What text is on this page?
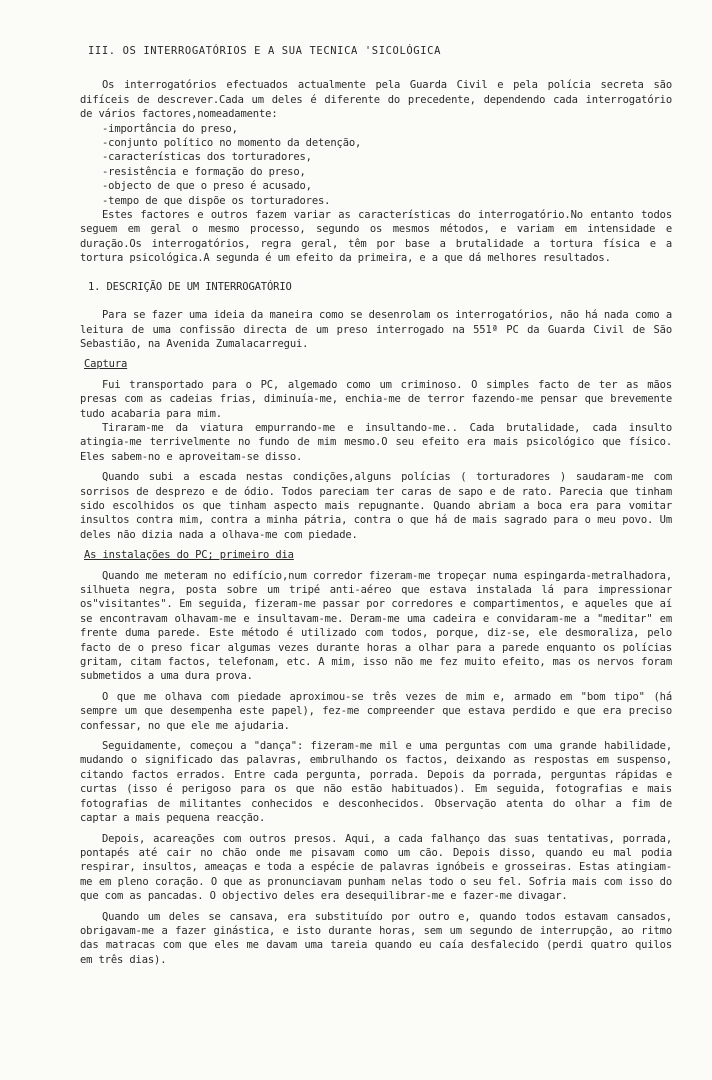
III. OS INTERROGATÓRIOS E A SUA TECNICA 'SICOLÓGICA

Os interrogatórios efectuados actualmente pela Guarda Civil e pela polícia secreta são difíceis de descrever.Cada um deles é diferente do precedente, dependendo cada interrogatório de vários factores,nomeadamente:

-importância do preso,
-conjunto político no momento da detenção,
-características dos torturadores,
-resistência e formação do preso,
-objecto de que o preso é acusado,
-tempo de que dispõe os torturadores.

Estes factores e outros fazem variar as características do interrogatório.No entanto todos seguem em geral o mesmo processo, segundo os mesmos métodos, e variam em intensidade e duração.Os interrogatórios, regra geral, têm por base a brutalidade a tortura física e a tortura psicológica.A segunda é um efeito da primeira, e a que dá melhores resultados.

1. DESCRIÇÃO DE UM INTERROGATÓRIO

Para se fazer uma ideia da maneira como se desenrolam os interrogatórios, não há nada como a leitura de uma confissão directa de um preso interrogado na 551ª PC da Guarda Civil de São Sebastião, na Avenida Zumalacarregui.

Captura

Fui transportado para o PC, algemado como um criminoso. O simples facto de ter as mãos presas com as cadeias frias, diminuía-me, enchia-me de terror fazendo-me pensar que brevemente tudo acabaria para mim.

Tiraram-me da viatura empurrando-me e insultando-me.. Cada brutalidade, cada insulto atingia-me terrivelmente no fundo de mim mesmo.O seu efeito era mais psicológico que físico. Eles sabem-no e aproveitam-se disso.

Quando subi a escada nestas condições,alguns polícias ( torturadores ) saudaram-me com sorrisos de desprezo e de ódio. Todos pareciam ter caras de sapo e de rato. Parecia que tinham sido escolhidos os que tinham aspecto mais repugnante. Quando abriam a boca era para vomitar insultos contra mim, contra a minha pátria, contra o que há de mais sagrado para o meu povo. Um deles não dizia nada a olhava-me com piedade.

As instalações do PC; primeiro dia

Quando me meteram no edifício,num corredor fizeram-me tropeçar numa espingarda-metralhadora, silhueta negra, posta sobre um tripé anti-aéreo que estava instalada lá para impressionar os"visitantes". Em seguida, fizeram-me passar por corredores e compartimentos, e aqueles que aí se encontravam olhavam-me e insultavam-me. Deram-me uma cadeira e convidaram-me a "meditar" em frente duma parede. Este método é utilizado com todos, porque, diz-se, ele desmoraliza, pelo facto de o preso ficar algumas vezes durante horas a olhar para a parede enquanto os polícias gritam, citam factos, telefonam, etc. A mim, isso não me fez muito efeito, mas os nervos foram submetidos a uma dura prova.

O que me olhava com piedade aproximou-se três vezes de mim e, armado em "bom tipo" (há sempre um que desempenha este papel), fez-me compreender que estava perdido e que era preciso confessar, no que ele me ajudaria.

Seguidamente, começou a "dança": fizeram-me mil e uma perguntas com uma grande habilidade, mudando o significado das palavras, embrulhando os factos, deixando as respostas em suspenso, citando factos errados. Entre cada pergunta, porrada. Depois da porrada, perguntas rápidas e curtas (isso é perigoso para os que não estão habituados). Em seguida, fotografias e mais fotografias de militantes conhecidos e desconhecidos. Observação atenta do olhar a fim de captar a mais pequena reacção.

Depois, acareações com outros presos. Aqui, a cada falhanço das suas tentativas, porrada, pontapés até cair no chão onde me pisavam como um cão. Depois disso, quando eu mal podia respirar, insultos, ameaças e toda a espécie de palavras ignóbeis e grosseiras. Estas atingiam-me em pleno coração. O que as pronunciavam punham nelas todo o seu fel. Sofria mais com isso do que com as pancadas. O objectivo deles era desequilibrar-me e fazer-me divagar.

Quando um deles se cansava, era substituído por outro e, quando todos estavam cansados, obrigavam-me a fazer ginástica, e isto durante horas, sem um segundo de interrupção, ao ritmo das matracas com que eles me davam uma tareia quando eu caía desfalecido (perdi quatro quilos em três dias).
